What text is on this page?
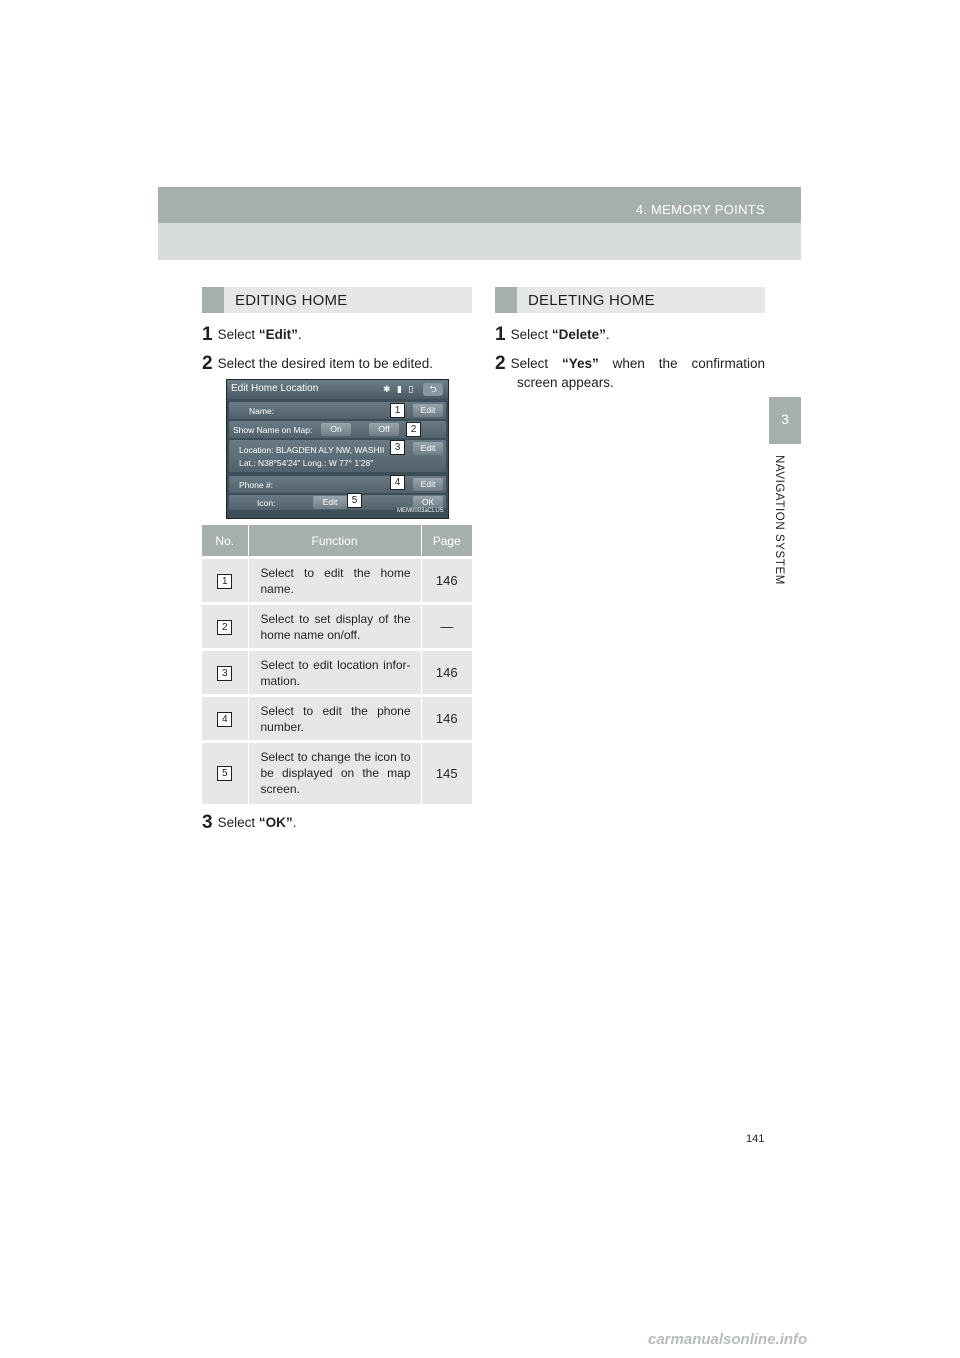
4. MEMORY POINTS
3
NAVIGATION SYSTEM
EDITING HOME
1 Select “Edit”.
2 Select the desired item to be edited.
Edit Home Location	✱ ▮ ▯	⮌
Name:	Edit
Show Name on Map:	On	Off
Location: BLAGDEN ALY NW, WASHII
Lat.: N38°54'24" Long.: W 77° 1'28"
Edit
Phone #:	Edit
Icon:	Edit	OK
1
2
3
4
5
MEM0003aCLUS
No.	Function	Page
1	Select to edit the home name.	146
2	Select to set display of the home name on/off.	—
3	Select to edit location infor-mation.	146
4	Select to edit the phone number.	146
5	Select to change the icon to be displayed on the map screen.	145
3 Select “OK”.
DELETING HOME
1 Select “Delete”.
2 Select “Yes” when the confirmation
screen appears.
141
carmanualsonline.info
